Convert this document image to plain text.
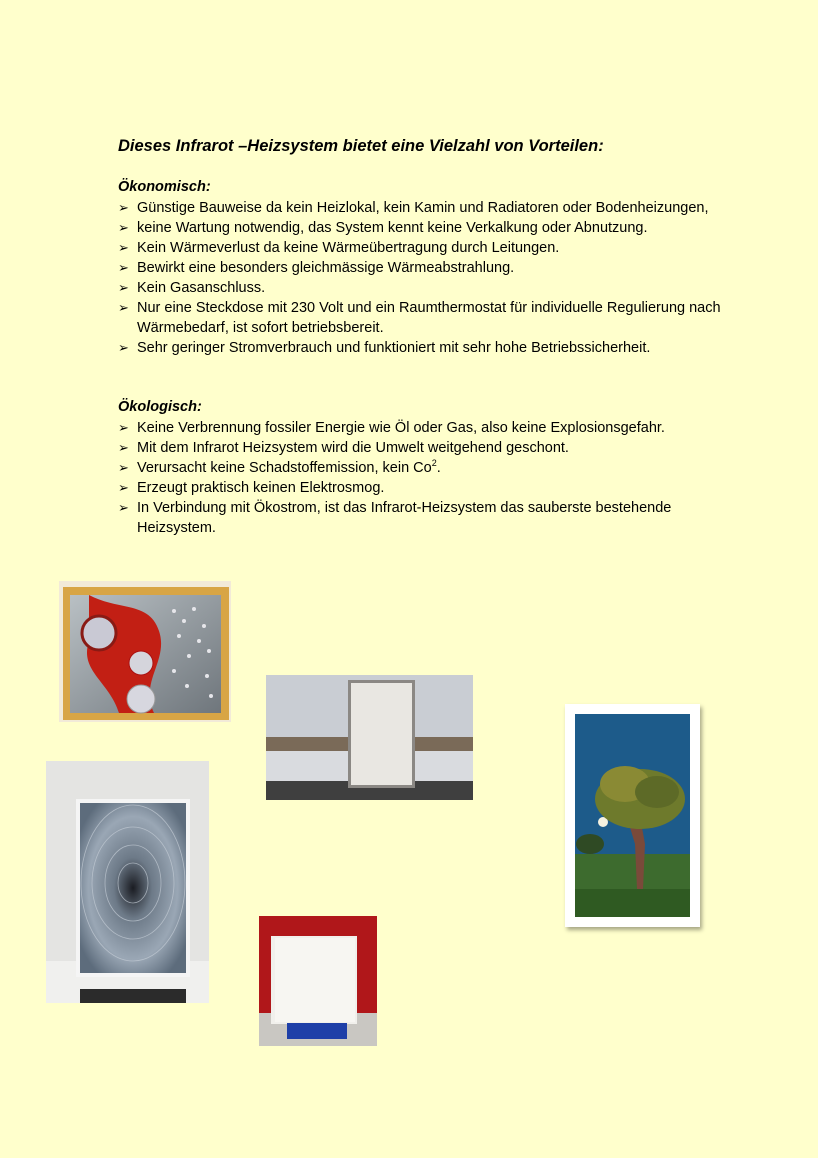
Dieses Infrarot –Heizsystem bietet eine Vielzahl von Vorteilen:
Ökonomisch:
➢ Günstige Bauweise da kein Heizlokal, kein Kamin und Radiatoren oder Bodenheizungen,
➢ keine Wartung notwendig, das System kennt keine Verkalkung oder Abnutzung.
➢ Kein Wärmeverlust da keine Wärmeübertragung durch Leitungen.
➢ Bewirkt eine besonders gleichmässige Wärmeabstrahlung.
➢ Kein Gasanschluss.
➢ Nur eine Steckdose mit 230 Volt und ein Raumthermostat für individuelle Regulierung nach Wärmebedarf, ist sofort betriebsbereit.
➢ Sehr geringer Stromverbrauch und funktioniert mit sehr hohe Betriebssicherheit.
Ökologisch:
➢ Keine Verbrennung fossiler Energie wie Öl oder Gas, also keine Explosionsgefahr.
➢ Mit dem Infrarot Heizsystem wird die Umwelt weitgehend geschont.
➢ Verursacht keine Schadstoffemission, kein Co$^2$.
➢ Erzeugt praktisch keinen Elektrosmog.
➢ In Verbindung mit Ökostrom, ist das Infrarot-Heizsystem das sauberste bestehende Heizsystem.
